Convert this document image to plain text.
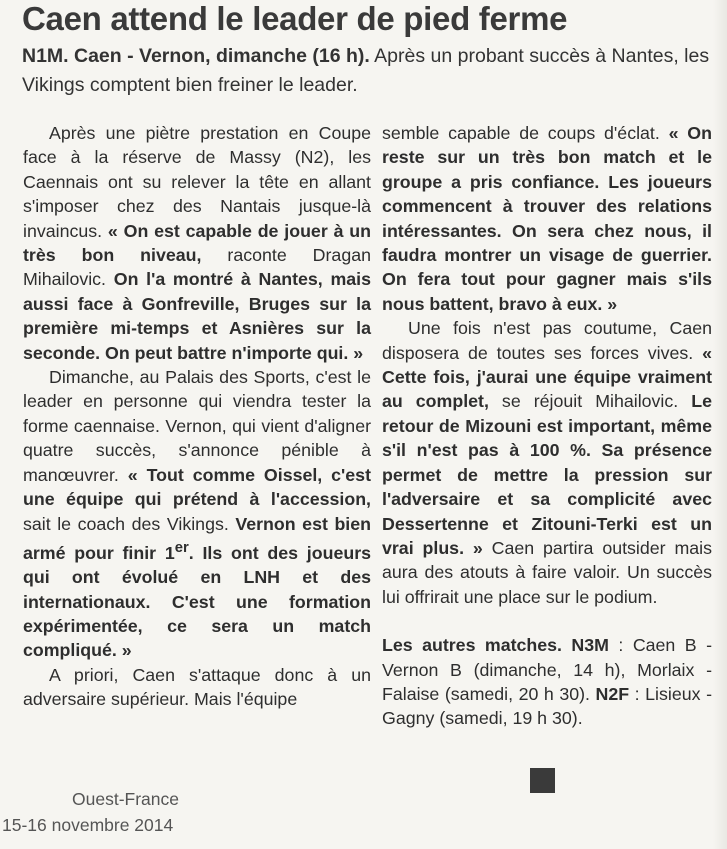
Caen attend le leader de pied ferme
N1M. Caen - Vernon, dimanche (16 h). Après un probant succès à Nantes, les Vikings comptent bien freiner le leader.

Après une piètre prestation en Coupe face à la réserve de Massy (N2), les Caennais ont su relever la tête en allant s'imposer chez des Nantais jusque-là invaincus. « On est capable de jouer à un très bon niveau, raconte Dragan Mihailovic. On l'a montré à Nantes, mais aussi face à Gonfreville, Bruges sur la première mi-temps et Asnières sur la seconde. On peut battre n'importe qui. »

Dimanche, au Palais des Sports, c'est le leader en personne qui viendra tester la forme caennaise. Vernon, qui vient d'aligner quatre succès, s'annonce pénible à manœuvrer. « Tout comme Oissel, c'est une équipe qui prétend à l'accession, sait le coach des Vikings. Vernon est bien armé pour finir 1er. Ils ont des joueurs qui ont évolué en LNH et des internationaux. C'est une formation expérimentée, ce sera un match compliqué. »

A priori, Caen s'attaque donc à un adversaire supérieur. Mais l'équipe

semble capable de coups d'éclat. « On reste sur un très bon match et le groupe a pris confiance. Les joueurs commencent à trouver des relations intéressantes. On sera chez nous, il faudra montrer un visage de guerrier. On fera tout pour gagner mais s'ils nous battent, bravo à eux. »

Une fois n'est pas coutume, Caen disposera de toutes ses forces vives. « Cette fois, j'aurai une équipe vraiment au complet, se réjouit Mihailovic. Le retour de Mizouni est important, même s'il n'est pas à 100 %. Sa présence permet de mettre la pression sur l'adversaire et sa complicité avec Dessertenne et Zitouni-Terki est un vrai plus. » Caen partira outsider mais aura des atouts à faire valoir. Un succès lui offrirait une place sur le podium.

Les autres matches. N3M : Caen B - Vernon B (dimanche, 14 h), Morlaix - Falaise (samedi, 20 h 30). N2F : Lisieux - Gagny (samedi, 19 h 30).

Ouest-France
15-16 novembre 2014
